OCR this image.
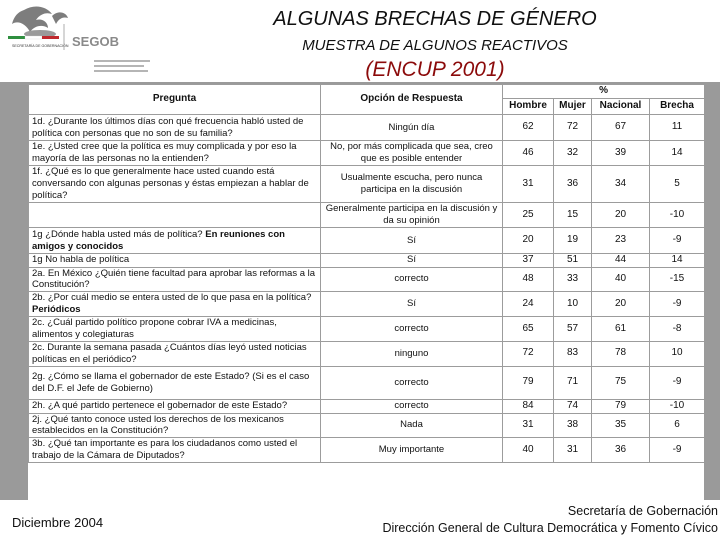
SECRETARÍA DE GOBERNACIÓN SEGOB
ALGUNAS BRECHAS DE GÉNERO
MUESTRA DE ALGUNOS REACTIVOS
(ENCUP 2001)
Pregunta	Opción de Respuesta	%			
		Hombre	Mujer	Nacional	Brecha
1d. ¿Durante los últimos días con qué frecuencia habló usted de política con personas que no son de su familia?	Ningún día	62	72	67	11
1e. ¿Usted cree que la política es muy complicada y por eso la mayoría de las personas no la entienden?	No, por más complicada que sea, creo que es posible entender	46	32	39	14
1f. ¿Qué es lo que generalmente hace usted cuando está conversando con algunas personas y éstas empiezan a hablar de política?	Usualmente escucha, pero nunca participa en la discusión	31	36	34	5
	Generalmente participa en la discusión y da su opinión	25	15	20	-10
1g ¿Dónde habla usted más de política? En reuniones con amigos y conocidos	Sí	20	19	23	-9
1g No habla de política	Sí	37	51	44	14
2a. En México ¿Quién tiene facultad para aprobar las reformas a la Constitución?	correcto	48	33	40	-15
2b. ¿Por cuál medio se entera usted de lo que pasa en la política? Periódicos	Sí	24	10	20	-9
2c. ¿Cuál partido político propone cobrar IVA a medicinas, alimentos y colegiaturas	correcto	65	57	61	-8
2c. Durante la semana pasada ¿Cuántos días leyó usted noticias políticas en el periódico?	ninguno	72	83	78	10
2g. ¿Cómo se llama el gobernador de este Estado? (Si es el caso del D.F. el Jefe de Gobierno)	correcto	79	71	75	-9
2h. ¿A qué partido pertenece el gobernador de este Estado?	correcto	84	74	79	-10
2j. ¿Qué tanto conoce usted los derechos de los mexicanos establecidos en la Constitución?	Nada	31	38	35	6
3b. ¿Qué tan importante es para los ciudadanos como usted el trabajo de la Cámara de Diputados?	Muy importante	40	31	36	-9
Diciembre 2004
Secretaría de Gobernación
Dirección General de Cultura Democrática y Fomento Cívico
